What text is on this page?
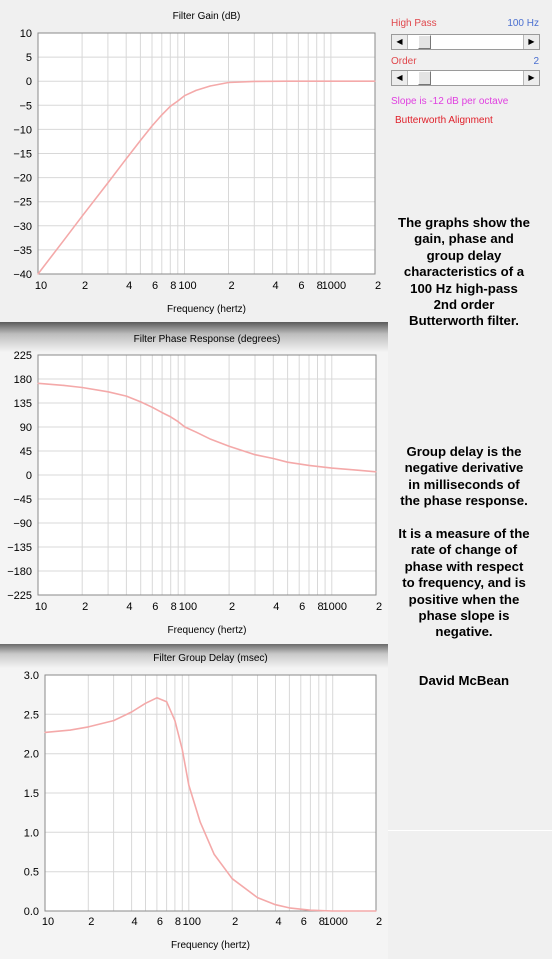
10
5
0
−5
−10
−15
−20
−25
−30
−35
−40
10	2	4 6 8 100	2	4 6 8
1000	2
Filter Gain (dB)
Frequency (hertz)
225
180
135
90
45
0
−45
−90
−135
−180
−225
10	2	4 6 8 100	2	4 6 8
1000	2
Filter Phase Response (degrees)
Frequency (hertz)
3.0
2.5
2.0
1.5
1.0
0.5
0.0
10	2	4 6 8 100	2	4 6 8
1000	2
Filter Group Delay (msec)
Frequency (hertz)
High Pass	100 Hz
◀	▶
Order	2
◀	▶
Slope is -12 dB per octave
Butterworth Alignment
The graphs show the gain, phase and group delay characteristics of a 100 Hz high-pass 2nd order Butterworth filter.
Group delay is the negative derivative in milliseconds of the phase response.
It is a measure of the rate of change of phase with respect to frequency, and is positive when the phase slope is negative.
David McBean
